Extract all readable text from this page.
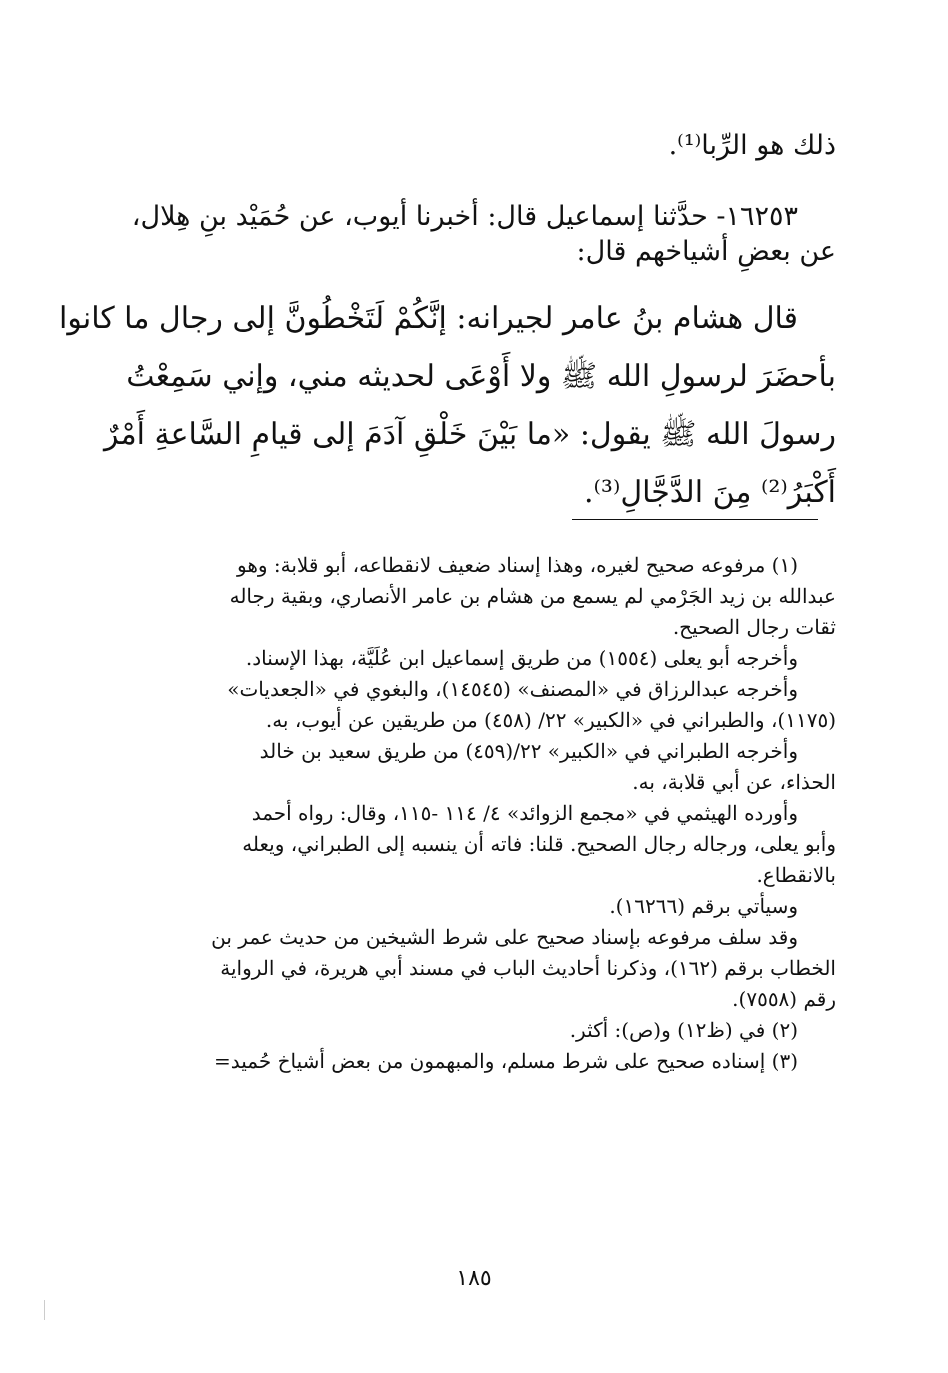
ذلك هو الرِّبا⁽¹⁾.
١٦٢٥٣- حدَّثنا إسماعيل قال: أخبرنا أيوب، عن حُمَيْد بنِ هِلال،
عن بعضِ أشياخهم قال:
قال هشام بنُ عامر لجيرانه: إنَّكُمْ لَتَخْطُونَّ إلى رجال ما كانوا
بأحضَرَ لرسولِ الله ﷺ ولا أَوْعَى لحديثه مني، وإني سَمِعْتُ
رسولَ الله ﷺ يقول: «ما بَيْنَ خَلْقِ آدَمَ إلى قيامِ السَّاعةِ أَمْرٌ
أَكْبَرُ⁽²⁾ مِنَ الدَّجَّالِ⁽³⁾.
(١) مرفوعه صحيح لغيره، وهذا إسناد ضعيف لانقطاعه، أبو قلابة: وهو
عبدالله بن زيد الجَرْمي لم يسمع من هشام بن عامر الأنصاري، وبقية رجاله
ثقات رجال الصحيح.
وأخرجه أبو يعلى (١٥٥٤) من طريق إسماعيل ابن عُلَيَّة، بهذا الإسناد.
وأخرجه عبدالرزاق في «المصنف» (١٤٥٤٥)، والبغوي في «الجعديات»
(١١٧٥)، والطبراني في «الكبير» ٢٢/ (٤٥٨) من طريقين عن أيوب، به.
وأخرجه الطبراني في «الكبير» ٢٢/(٤٥٩) من طريق سعيد بن خالد
الحذاء، عن أبي قلابة، به.
وأورده الهيثمي في «مجمع الزوائد» ٤/ ١١٤ -١١٥، وقال: رواه أحمد
وأبو يعلى، ورجاله رجال الصحيح. قلنا: فاته أن ينسبه إلى الطبراني، ويعله
بالانقطاع.
وسيأتي برقم (١٦٢٦٦).
وقد سلف مرفوعه بإسناد صحيح على شرط الشيخين من حديث عمر بن
الخطاب برقم (١٦٢)، وذكرنا أحاديث الباب في مسند أبي هريرة، في الرواية
رقم (٧٥٥٨).
(٢) في (ظ١٢) و(ص): أكثر.
(٣) إسناده صحيح على شرط مسلم، والمبهمون من بعض أشياخ حُميد=
١٨٥
